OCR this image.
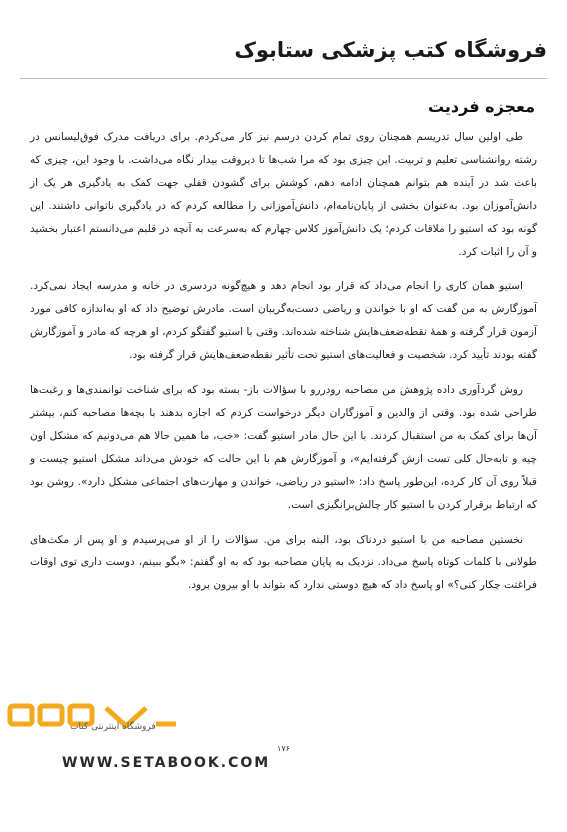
فروشگاه کتب پزشکی ستابوک
معجزه فردیت

طی اولین سال تدریسم همچنان روی تمام کردن درسم نیز کار می‌کردم. برای دریافت مدرک فوق‌لیسانس در رشته روانشناسی تعلیم و تربیت. این چیزی بود که مرا شب‌ها تا دیروقت بیدار نگاه می‌داشت. با وجود این، چیزی که باعث شد در آینده هم بتوانم همچنان ادامه دهم، کوشش برای گشودن قفلی جهت کمک به یادگیری هر یک از دانش‌آموزان بود. به‌عنوان بخشی از پایان‌نامه‌ام، دانش‌آموزانی را مطالعه کردم که در یادگیری ناتوانی داشتند. این گونه بود که استیو را ملاقات کردم؛ یک دانش‌آموز کلاس چهارم که به‌سرعت به آنچه در قلبم می‌دانستم اعتبار بخشید و آن را اثبات کرد.

استیو همان کاری را انجام می‌داد که قرار بود انجام دهد و هیچ‌گونه دردسری در خانه و مدرسه ایجاد نمی‌کرد. آموزگارش به من گفت که او با خواندن و ریاضی دست‌به‌گریبان است. مادرش توضیح داد که او به‌اندازه کافی مورد آزمون قرار گرفته و همهٔ نقطه‌ضعف‌هایش شناخته شده‌اند. وقتی با استیو گفتگو کردم، او هرچه که مادر و آموزگارش گفته بودند تأیید کرد. شخصیت و فعالیت‌های استیو تحت تأثیر نقطه‌ضعف‌هایش قرار گرفته بود.

روش گردآوری داده پژوهش من مصاحبه رودررو با سؤالات باز- بسته بود که برای شناخت توانمندی‌ها و رغبت‌ها طراحی شده بود. وقتی از والدین و آموزگاران دیگر درخواست کردم که اجازه بدهند با بچه‌ها مصاحبه کنم، بیشتر آن‌ها برای کمک به من استقبال کردند. با این حال مادر استیو گفت: «خب، ما همین حالا هم می‌دونیم که مشکل اون چیه و تابه‌حال کلی تست ازش گرفته‌ایم»، و آموزگارش هم با این حالت که خودش می‌داند مشکل استیو چیست و قبلاً روی آن کار کرده، این‌طور پاسخ داد: «استیو در ریاضی، خواندن و مهارت‌های اجتماعی مشکل دارد». روشن بود که ارتباط برقرار کردن با استیو کار چالش‌برانگیزی است.

نخستین مصاحبه من با استیو دردناک بود، البته برای من. سؤالات را از او می‌پرسیدم و او پس از مکث‌های طولانی با کلمات کوتاه پاسخ می‌داد. نزدیک به پایان مصاحبه بود که به او گفتم: «بگو ببینم، دوست داری توی اوقات فراغتت چکار کنی؟» او پاسخ داد که هیچ دوستی ندارد که بتواند با او بیرون برود.

فروشگاه اینترنتی کتاب
۱۷۶
WWW.SETABOOK.COM
